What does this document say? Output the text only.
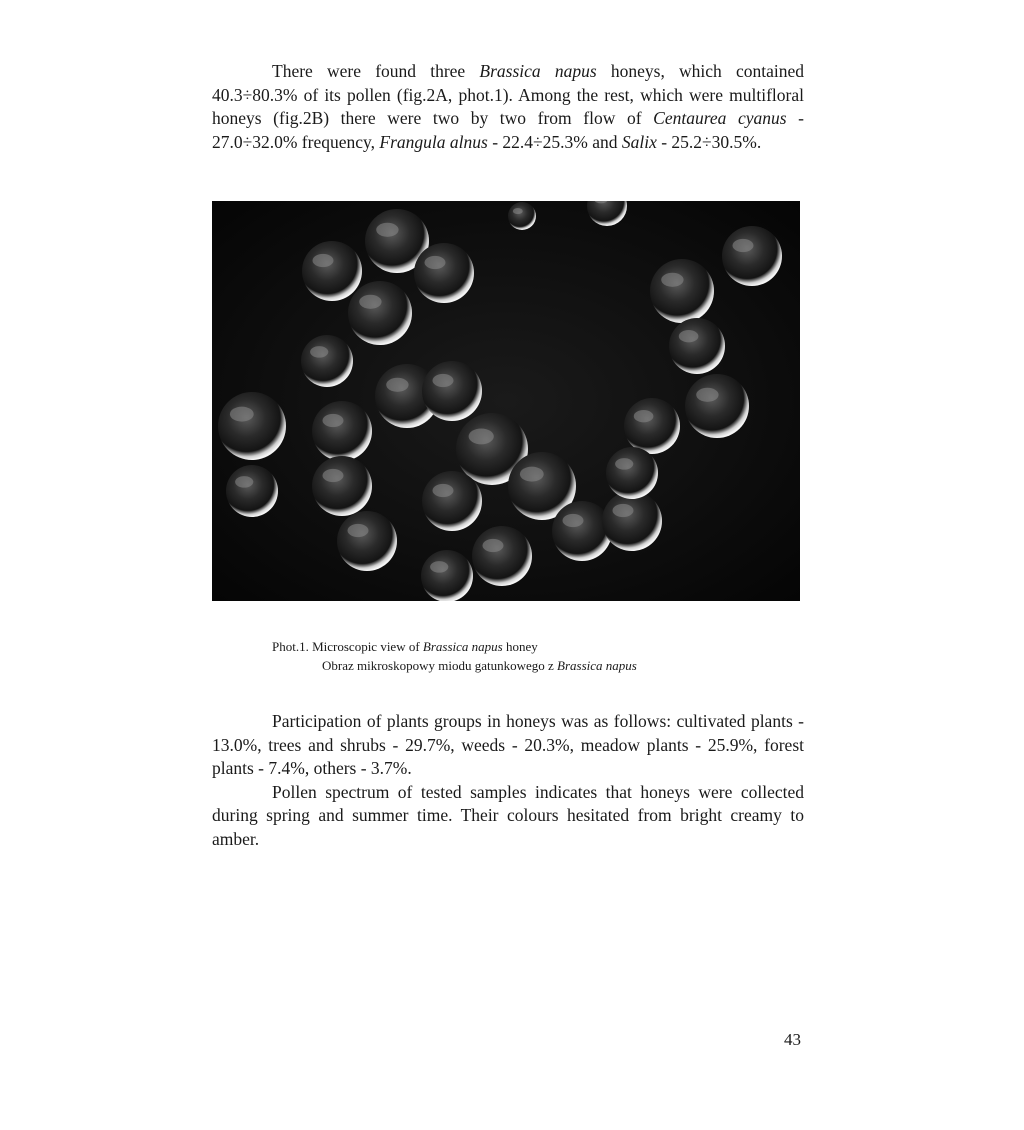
There were found three Brassica napus honeys, which contained 40.3÷80.3% of its pollen (fig.2A, phot.1). Among the rest, which were multifloral honeys (fig.2B) there were two by two from flow of Centaurea cyanus - 27.0÷32.0% frequency, Frangula alnus - 22.4÷25.3% and Salix - 25.2÷30.5%.

Phot.1. Microscopic view of Brassica napus honey
Obraz mikroskopowy miodu gatunkowego z Brassica napus

Participation of plants groups in honeys was as follows: cultivated plants - 13.0%, trees and shrubs - 29.7%, weeds - 20.3%, meadow plants - 25.9%, forest plants - 7.4%, others - 3.7%.

Pollen spectrum of tested samples indicates that honeys were collected during spring and summer time. Their colours hesitated from bright creamy to amber.

43
